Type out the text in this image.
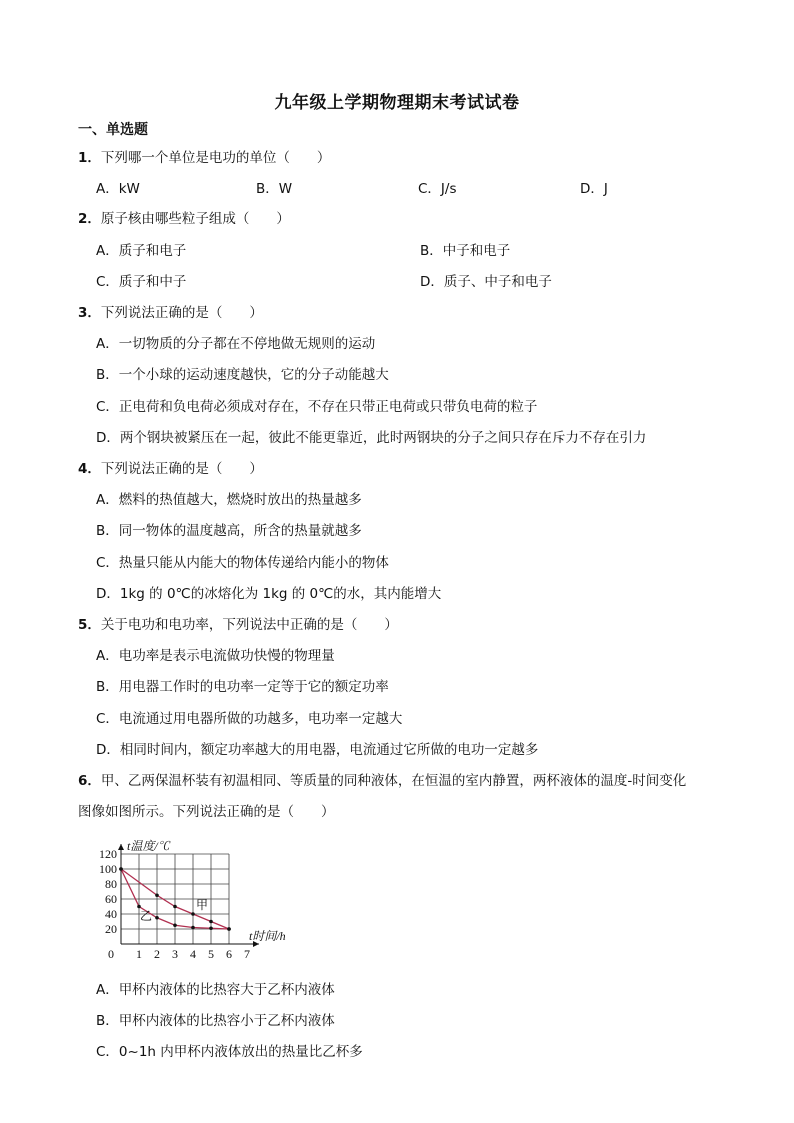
九年级上学期物理期末考试试卷
一、单选题
1．下列哪一个单位是电功的单位（　　）
A．kW	B．W	C．J/s	D．J
2．原子核由哪些粒子组成（　　）
A．质子和电子	B．中子和电子
C．质子和中子	D．质子、中子和电子
3．下列说法正确的是（　　）
A．一切物质的分子都在不停地做无规则的运动
B．一个小球的运动速度越快，它的分子动能越大
C．正电荷和负电荷必须成对存在，不存在只带正电荷或只带负电荷的粒子
D．两个钢块被紧压在一起，彼此不能更靠近，此时两钢块的分子之间只存在斥力不存在引力
4．下列说法正确的是（　　）
A．燃料的热值越大，燃烧时放出的热量越多
B．同一物体的温度越高，所含的热量就越多
C．热量只能从内能大的物体传递给内能小的物体
D．1kg 的 0℃的冰熔化为 1kg 的 0℃的水，其内能增大
5．关于电功和电功率，下列说法中正确的是（　　）
A．电功率是表示电流做功快慢的物理量
B．用电器工作时的电功率一定等于它的额定功率
C．电流通过用电器所做的功越多，电功率一定越大
D．相同时间内，额定功率越大的用电器，电流通过它所做的电功一定越多
6．甲、乙两保温杯装有初温相同、等质量的同种液体，在恒温的室内静置，两杯液体的温度-时间变化
图像如图所示。下列说法正确的是（　　）
0 1 2 3 4 5 6 7
20
40
60
80
100
120
t温度/℃
t时间/h
甲
乙
A．甲杯内液体的比热容大于乙杯内液体
B．甲杯内液体的比热容小于乙杯内液体
C．0~1h 内甲杯内液体放出的热量比乙杯多
